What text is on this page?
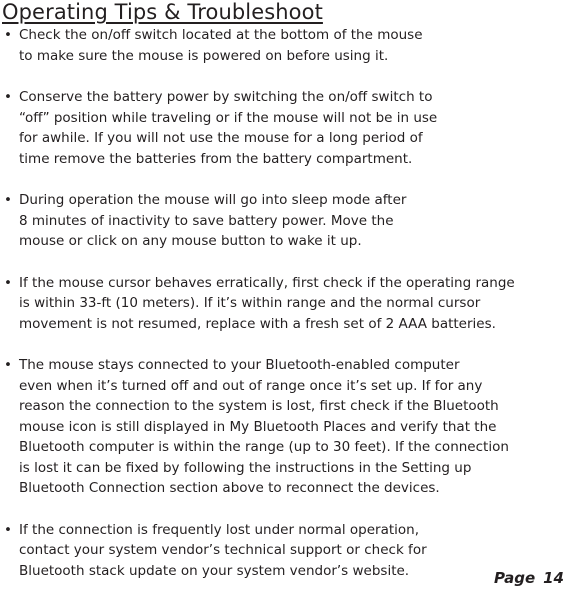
Operating Tips & Troubleshoot
• Check the on/off switch located at the bottom of the mouse
to make sure the mouse is powered on before using it.
• Conserve the battery power by switching the on/off switch to
“off” position while traveling or if the mouse will not be in use
for awhile. If you will not use the mouse for a long period of
time remove the batteries from the battery compartment.
• During operation the mouse will go into sleep mode after
8 minutes of inactivity to save battery power. Move the
mouse or click on any mouse button to wake it up.
• If the mouse cursor behaves erratically, first check if the operating range
is within 33-ft (10 meters). If it’s within range and the normal cursor
movement is not resumed, replace with a fresh set of 2 AAA batteries.
• The mouse stays connected to your Bluetooth-enabled computer
even when it’s turned off and out of range once it’s set up. If for any
reason the connection to the system is lost, first check if the Bluetooth
mouse icon is still displayed in My Bluetooth Places and verify that the
Bluetooth computer is within the range (up to 30 feet). If the connection
is lost it can be fixed by following the instructions in the Setting up
Bluetooth Connection section above to reconnect the devices.
• If the connection is frequently lost under normal operation,
contact your system vendor’s technical support or check for
Bluetooth stack update on your system vendor’s website.	Page 14
